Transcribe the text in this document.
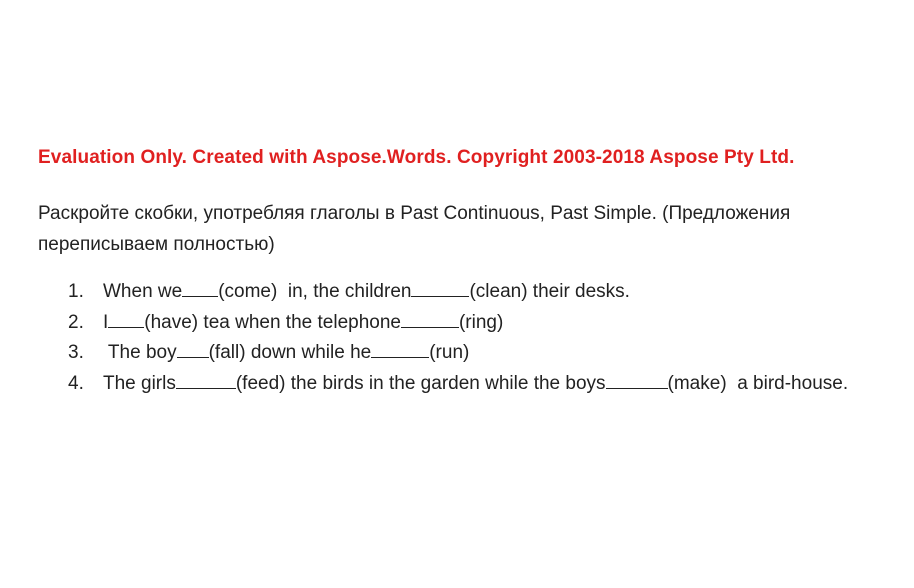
Evaluation Only. Created with Aspose.Words. Copyright 2003-2018 Aspose Pty Ltd.
Раскройте скобки, употребляя глаголы в Past Continuous, Past Simple. (Предложения переписываем полностью)
1.	When we (come)  in, the children	(clean) their desks.
2.	I (have) tea when the telephone	(ring)
3.	The boy (fall) down while he	(run)
4.	The girls	(feed) the birds in the garden while the boys	(make)  a bird-house.
